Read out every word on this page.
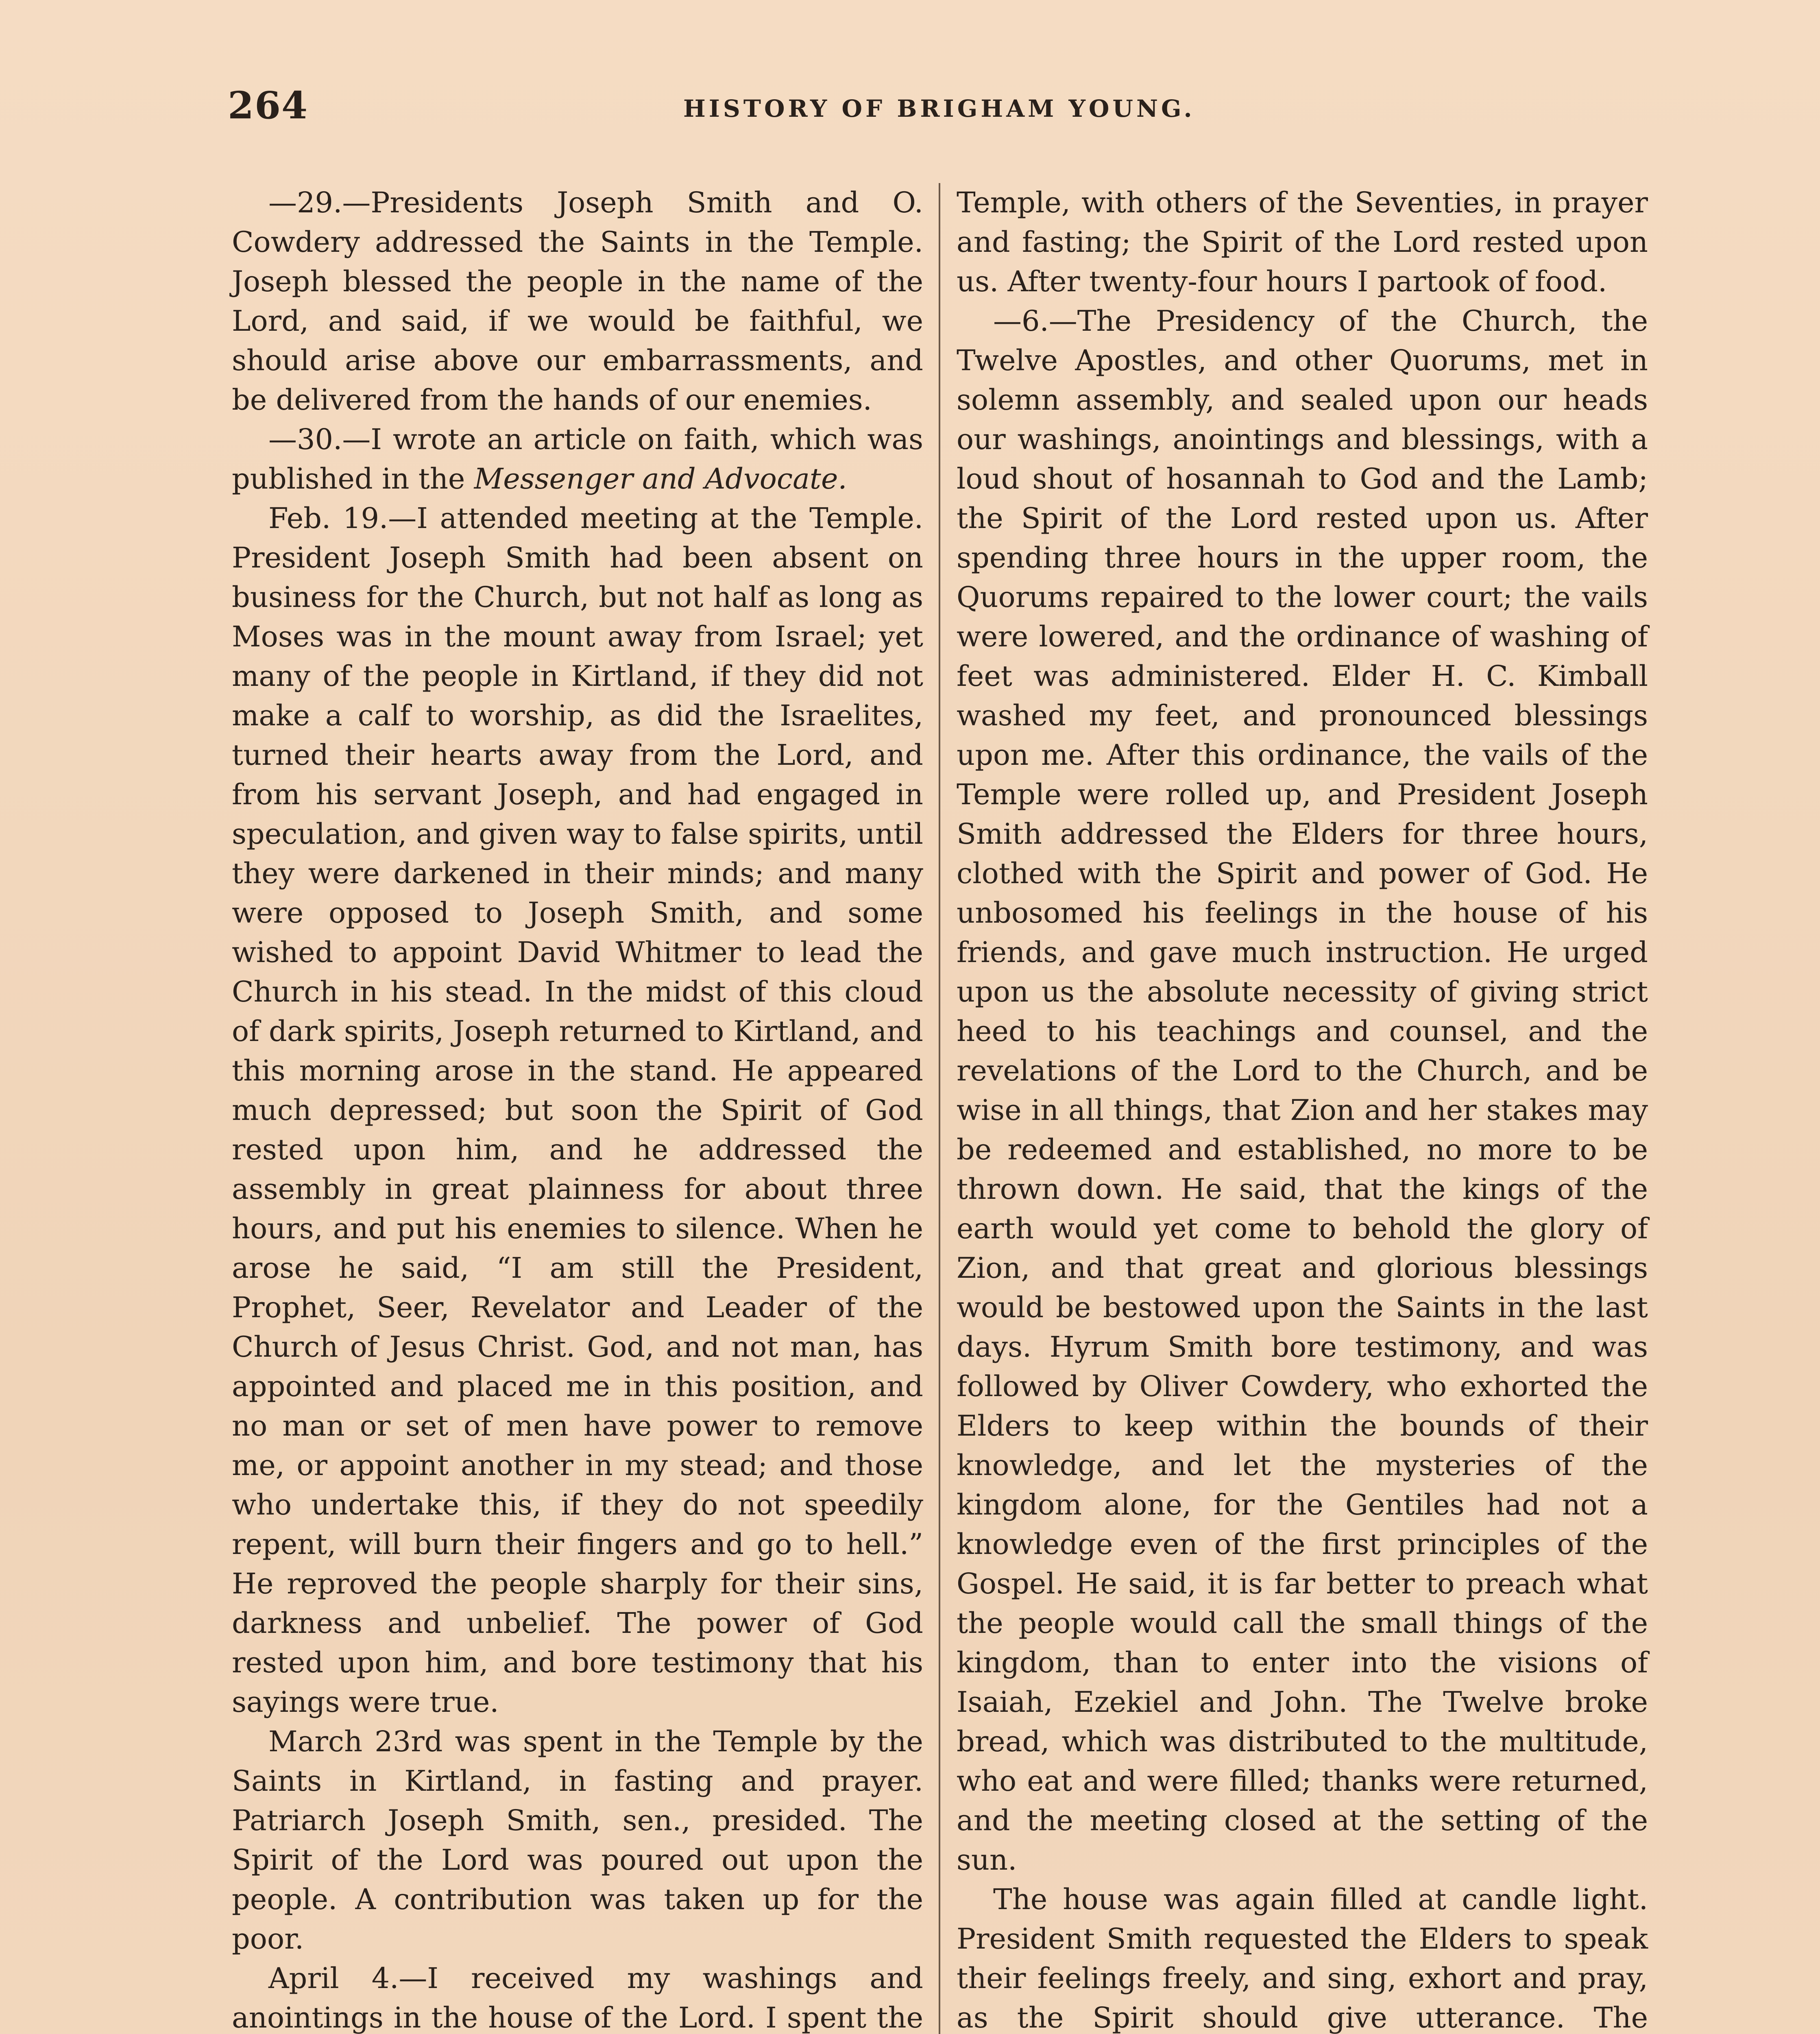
264	HISTORY OF BRIGHAM YOUNG.

—29.—Presidents Joseph Smith and O. Cowdery addressed the Saints in the Temple. Joseph blessed the people in the name of the Lord, and said, if we would be faithful, we should arise above our embarrassments, and be delivered from the hands of our enemies.

—30.—I wrote an article on faith, which was published in the Messenger and Advocate.

Feb. 19.—I attended meeting at the Temple. President Joseph Smith had been absent on business for the Church, but not half as long as Moses was in the mount away from Israel; yet many of the people in Kirtland, if they did not make a calf to worship, as did the Israelites, turned their hearts away from the Lord, and from his servant Joseph, and had engaged in speculation, and given way to false spirits, until they were darkened in their minds; and many were opposed to Joseph Smith, and some wished to appoint David Whitmer to lead the Church in his stead. In the midst of this cloud of dark spirits, Joseph returned to Kirtland, and this morning arose in the stand. He appeared much depressed; but soon the Spirit of God rested upon him, and he addressed the assembly in great plainness for about three hours, and put his enemies to silence. When he arose he said, “I am still the President, Prophet, Seer, Revelator and Leader of the Church of Jesus Christ. God, and not man, has appointed and placed me in this position, and no man or set of men have power to remove me, or appoint another in my stead; and those who undertake this, if they do not speedily repent, will burn their fingers and go to hell.” He reproved the people sharply for their sins, darkness and unbelief. The power of God rested upon him, and bore testimony that his sayings were true.

March 23rd was spent in the Temple by the Saints in Kirtland, in fasting and prayer. Patriarch Joseph Smith, sen., presided. The Spirit of the Lord was poured out upon the people. A contribution was taken up for the poor.

April 4.—I received my washings and anointings in the house of the Lord. I spent the

Temple, with others of the Seventies, in prayer and fasting; the Spirit of the Lord rested upon us. After twenty-four hours I partook of food.

—6.—The Presidency of the Church, the Twelve Apostles, and other Quorums, met in solemn assembly, and sealed upon our heads our washings, anointings and blessings, with a loud shout of hosannah to God and the Lamb; the Spirit of the Lord rested upon us. After spending three hours in the upper room, the Quorums repaired to the lower court; the vails were lowered, and the ordinance of washing of feet was administered. Elder H. C. Kimball washed my feet, and pronounced blessings upon me. After this ordinance, the vails of the Temple were rolled up, and President Joseph Smith addressed the Elders for three hours, clothed with the Spirit and power of God. He unbosomed his feelings in the house of his friends, and gave much instruction. He urged upon us the absolute necessity of giving strict heed to his teachings and counsel, and the revelations of the Lord to the Church, and be wise in all things, that Zion and her stakes may be redeemed and established, no more to be thrown down. He said, that the kings of the earth would yet come to behold the glory of Zion, and that great and glorious blessings would be bestowed upon the Saints in the last days. Hyrum Smith bore testimony, and was followed by Oliver Cowdery, who exhorted the Elders to keep within the bounds of their knowledge, and let the mysteries of the kingdom alone, for the Gentiles had not a knowledge even of the first principles of the Gospel. He said, it is far better to preach what the people would call the small things of the kingdom, than to enter into the visions of Isaiah, Ezekiel and John. The Twelve broke bread, which was distributed to the multitude, who eat and were filled; thanks were returned, and the meeting closed at the setting of the sun.

The house was again filled at candle light. President Smith requested the Elders to speak their feelings freely, and sing, exhort and pray, as the Spirit should give utterance. The
